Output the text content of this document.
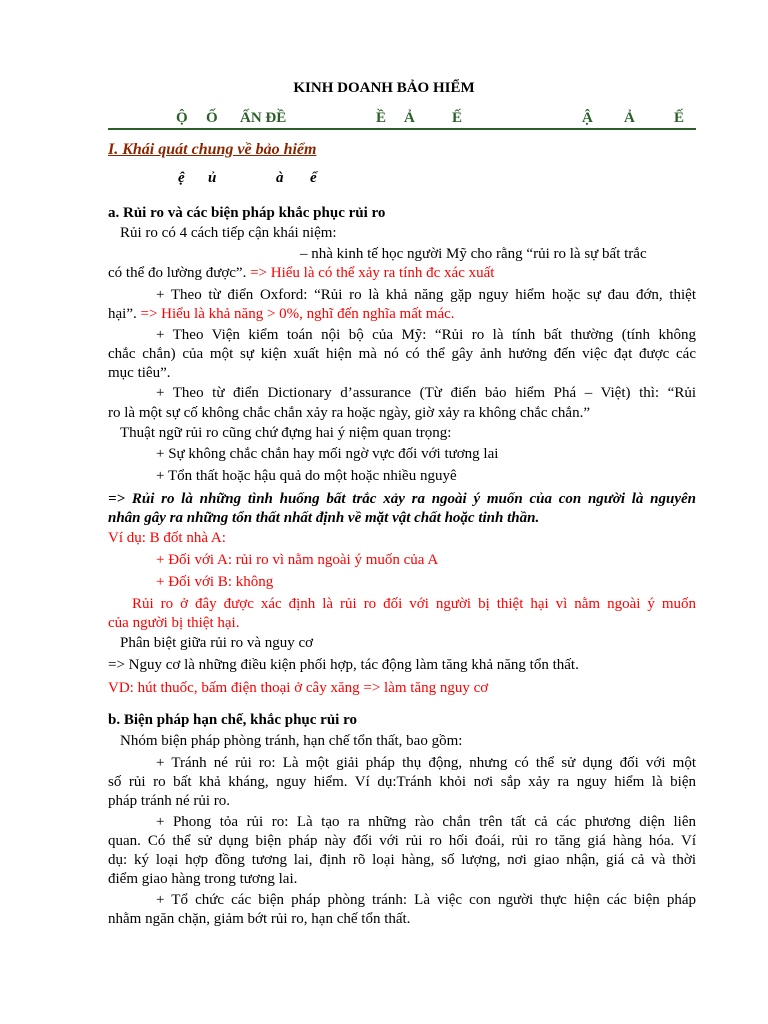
KINH DOANH BẢO HIỂM
Ộ Ố ẤN ĐỀ	Ề Ả Ế	Ậ Ả	Ế
I. Khái quát chung về bảo hiểm
ệ ủ	à ể
a. Rủi ro và các biện pháp khắc phục rủi ro
Rủi ro có 4 cách tiếp cận khái niệm:
– nhà kinh tế học người Mỹ cho rằng “rủi ro là sự bất trắc
có thể đo lường được”. => Hiểu là có thể xảy ra tính đc xác xuất
+ Theo từ điển Oxford: “Rủi ro là khả năng gặp nguy hiểm hoặc sự đau đớn, thiệt
hại”. => Hiểu là khả năng > 0%, nghĩ đến nghĩa mất mác.
+ Theo Viện kiểm toán nội bộ của Mỹ: “Rủi ro là tính bất thường (tính không
chắc chắn) của một sự kiện xuất hiện mà nó có thể gây ảnh hưởng đến việc đạt được các
mục tiêu”.
+ Theo từ điển Dictionary d’assurance (Từ điển bảo hiểm Phá – Việt) thì: “Rủi
ro là một sự cố không chắc chắn xảy ra hoặc ngày, giờ xảy ra không chắc chắn.”
Thuật ngữ rủi ro cũng chứ đựng hai ý niệm quan trọng:
+ Sự không chắc chắn hay mối ngờ vực đối với tương lai
+ Tổn thất hoặc hậu quả do một hoặc nhiều nguyê
=> Rủi ro là những tình huống bất trắc xảy ra ngoài ý muốn của con người là nguyên
nhân gây ra những tổn thất nhất định về mặt vật chất hoặc tinh thần.
Ví dụ: B đốt nhà A:
+ Đối với A: rủi ro vì nằm ngoài ý muốn của A
+ Đối với B: không
Rủi ro ở đây được xác định là rủi ro đối với người bị thiệt hại vì nằm ngoài ý muốn
của người bị thiệt hại.
Phân biệt giữa rủi ro và nguy cơ
=> Nguy cơ là những điều kiện phối hợp, tác động làm tăng khả năng tổn thất.
VD: hút thuốc, bấm điện thoại ở cây xăng => làm tăng nguy cơ
b. Biện pháp hạn chế, khắc phục rủi ro
Nhóm biện pháp phòng tránh, hạn chế tổn thất, bao gồm:
+ Tránh né rủi ro: Là một giải pháp thụ động, nhưng có thể sử dụng đối với một
số rủi ro bất khả kháng, nguy hiểm. Ví dụ:Tránh khỏi nơi sắp xảy ra nguy hiểm là biện
pháp tránh né rủi ro.
+ Phong tỏa rủi ro: Là tạo ra những rào chắn trên tất cả các phương diện liên
quan. Có thể sử dụng biện pháp này đối với rủi ro hối đoái, rủi ro tăng giá hàng hóa. Ví
dụ: ký loại hợp đồng tương lai, định rõ loại hàng, số lượng, nơi giao nhận, giá cả và thời
điểm giao hàng trong tương lai.
+ Tổ chức các biện pháp phòng tránh: Là việc con người thực hiện các biện pháp
nhằm ngăn chặn, giảm bớt rủi ro, hạn chế tổn thất.
